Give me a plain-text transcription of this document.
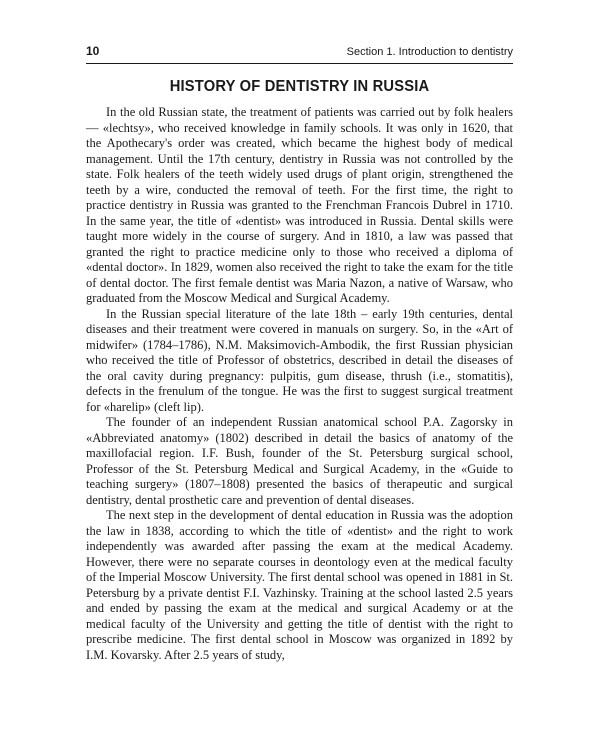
10	Section 1. Introduction to dentistry
HISTORY OF DENTISTRY IN RUSSIA

In the old Russian state, the treatment of patients was carried out by folk healers — «lechtsy», who received knowledge in family schools. It was only in 1620, that the Apothecary's order was created, which became the highest body of medical management. Until the 17th century, dentistry in Russia was not controlled by the state. Folk healers of the teeth widely used drugs of plant origin, strengthened the teeth by a wire, conducted the removal of teeth. For the first time, the right to practice dentistry in Russia was granted to the Frenchman Francois Dubrel in 1710. In the same year, the title of «dentist» was introduced in Russia. Dental skills were taught more widely in the course of surgery. And in 1810, a law was passed that granted the right to practice medicine only to those who received a diploma of «dental doctor». In 1829, women also received the right to take the exam for the title of dental doctor. The first female dentist was Maria Nazon, a native of Warsaw, who graduated from the Moscow Medical and Surgical Academy.

In the Russian special literature of the late 18th – early 19th centuries, dental diseases and their treatment were covered in manuals on surgery. So, in the «Art of midwifer» (1784–1786), N.M. Maksimovich-Ambodik, the first Russian physician who received the title of Professor of obstetrics, described in detail the diseases of the oral cavity during pregnancy: pulpitis, gum disease, thrush (i.e., stomatitis), defects in the frenulum of the tongue. He was the first to suggest surgical treatment for «harelip» (cleft lip).

The founder of an independent Russian anatomical school P.A. Zagorsky in «Abbreviated anatomy» (1802) described in detail the basics of anatomy of the maxillofacial region. I.F. Bush, founder of the St. Petersburg surgical school, Professor of the St. Petersburg Medical and Surgical Academy, in the «Guide to teaching surgery» (1807–1808) presented the basics of therapeutic and surgical dentistry, dental prosthetic care and prevention of dental diseases.

The next step in the development of dental education in Russia was the adoption the law in 1838, according to which the title of «dentist» and the right to work independently was awarded after passing the exam at the medical Academy. However, there were no separate courses in deontology even at the medical faculty of the Imperial Moscow University. The first dental school was opened in 1881 in St. Petersburg by a private dentist F.I. Vazhinsky. Training at the school lasted 2.5 years and ended by passing the exam at the medical and surgical Academy or at the medical faculty of the University and getting the title of dentist with the right to prescribe medicine. The first dental school in Moscow was organized in 1892 by I.M. Kovarsky. After 2.5 years of study,
